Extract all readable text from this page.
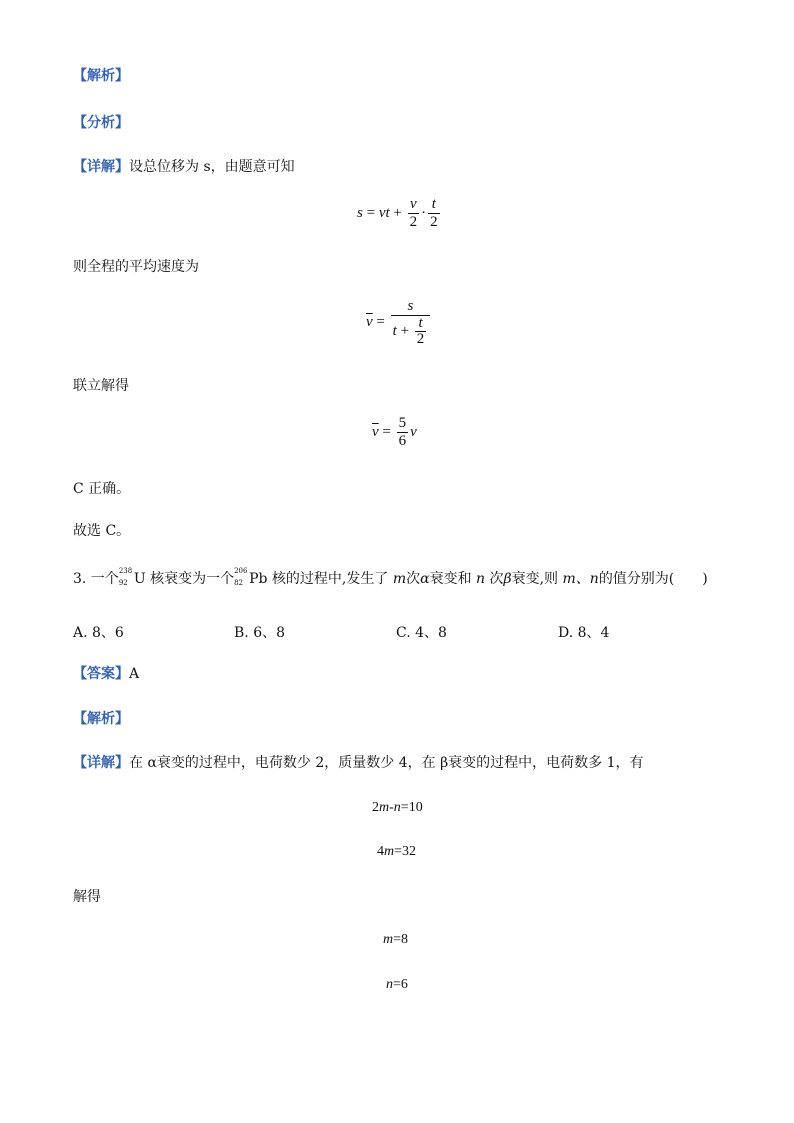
【解析】
【分析】
【详解】设总位移为 s，由题意可知
s = vt + $\frac{v}{2} \cdot \frac{t}{2}$
则全程的平均速度为
$\overline{v} = \frac{s}{t + \frac{t}{2}}$
联立解得
$\overline{v} = \frac{5}{6}$ v
C 正确。
故选 C。
3. 一个 238
92 U 核衰变为一个 206
82 Pb 核的过程中,发生了 m次α衰变和 n 次β衰变,则 m、n的值分别为(　　)
A. 8、6	B. 6、8	C. 4、8	D. 8、4
【答案】A
【解析】
【详解】在 α衰变的过程中，电荷数少 2，质量数少 4，在 β衰变的过程中，电荷数多 1，有
2m-n=10
4m=32
解得
m=8
n=6
